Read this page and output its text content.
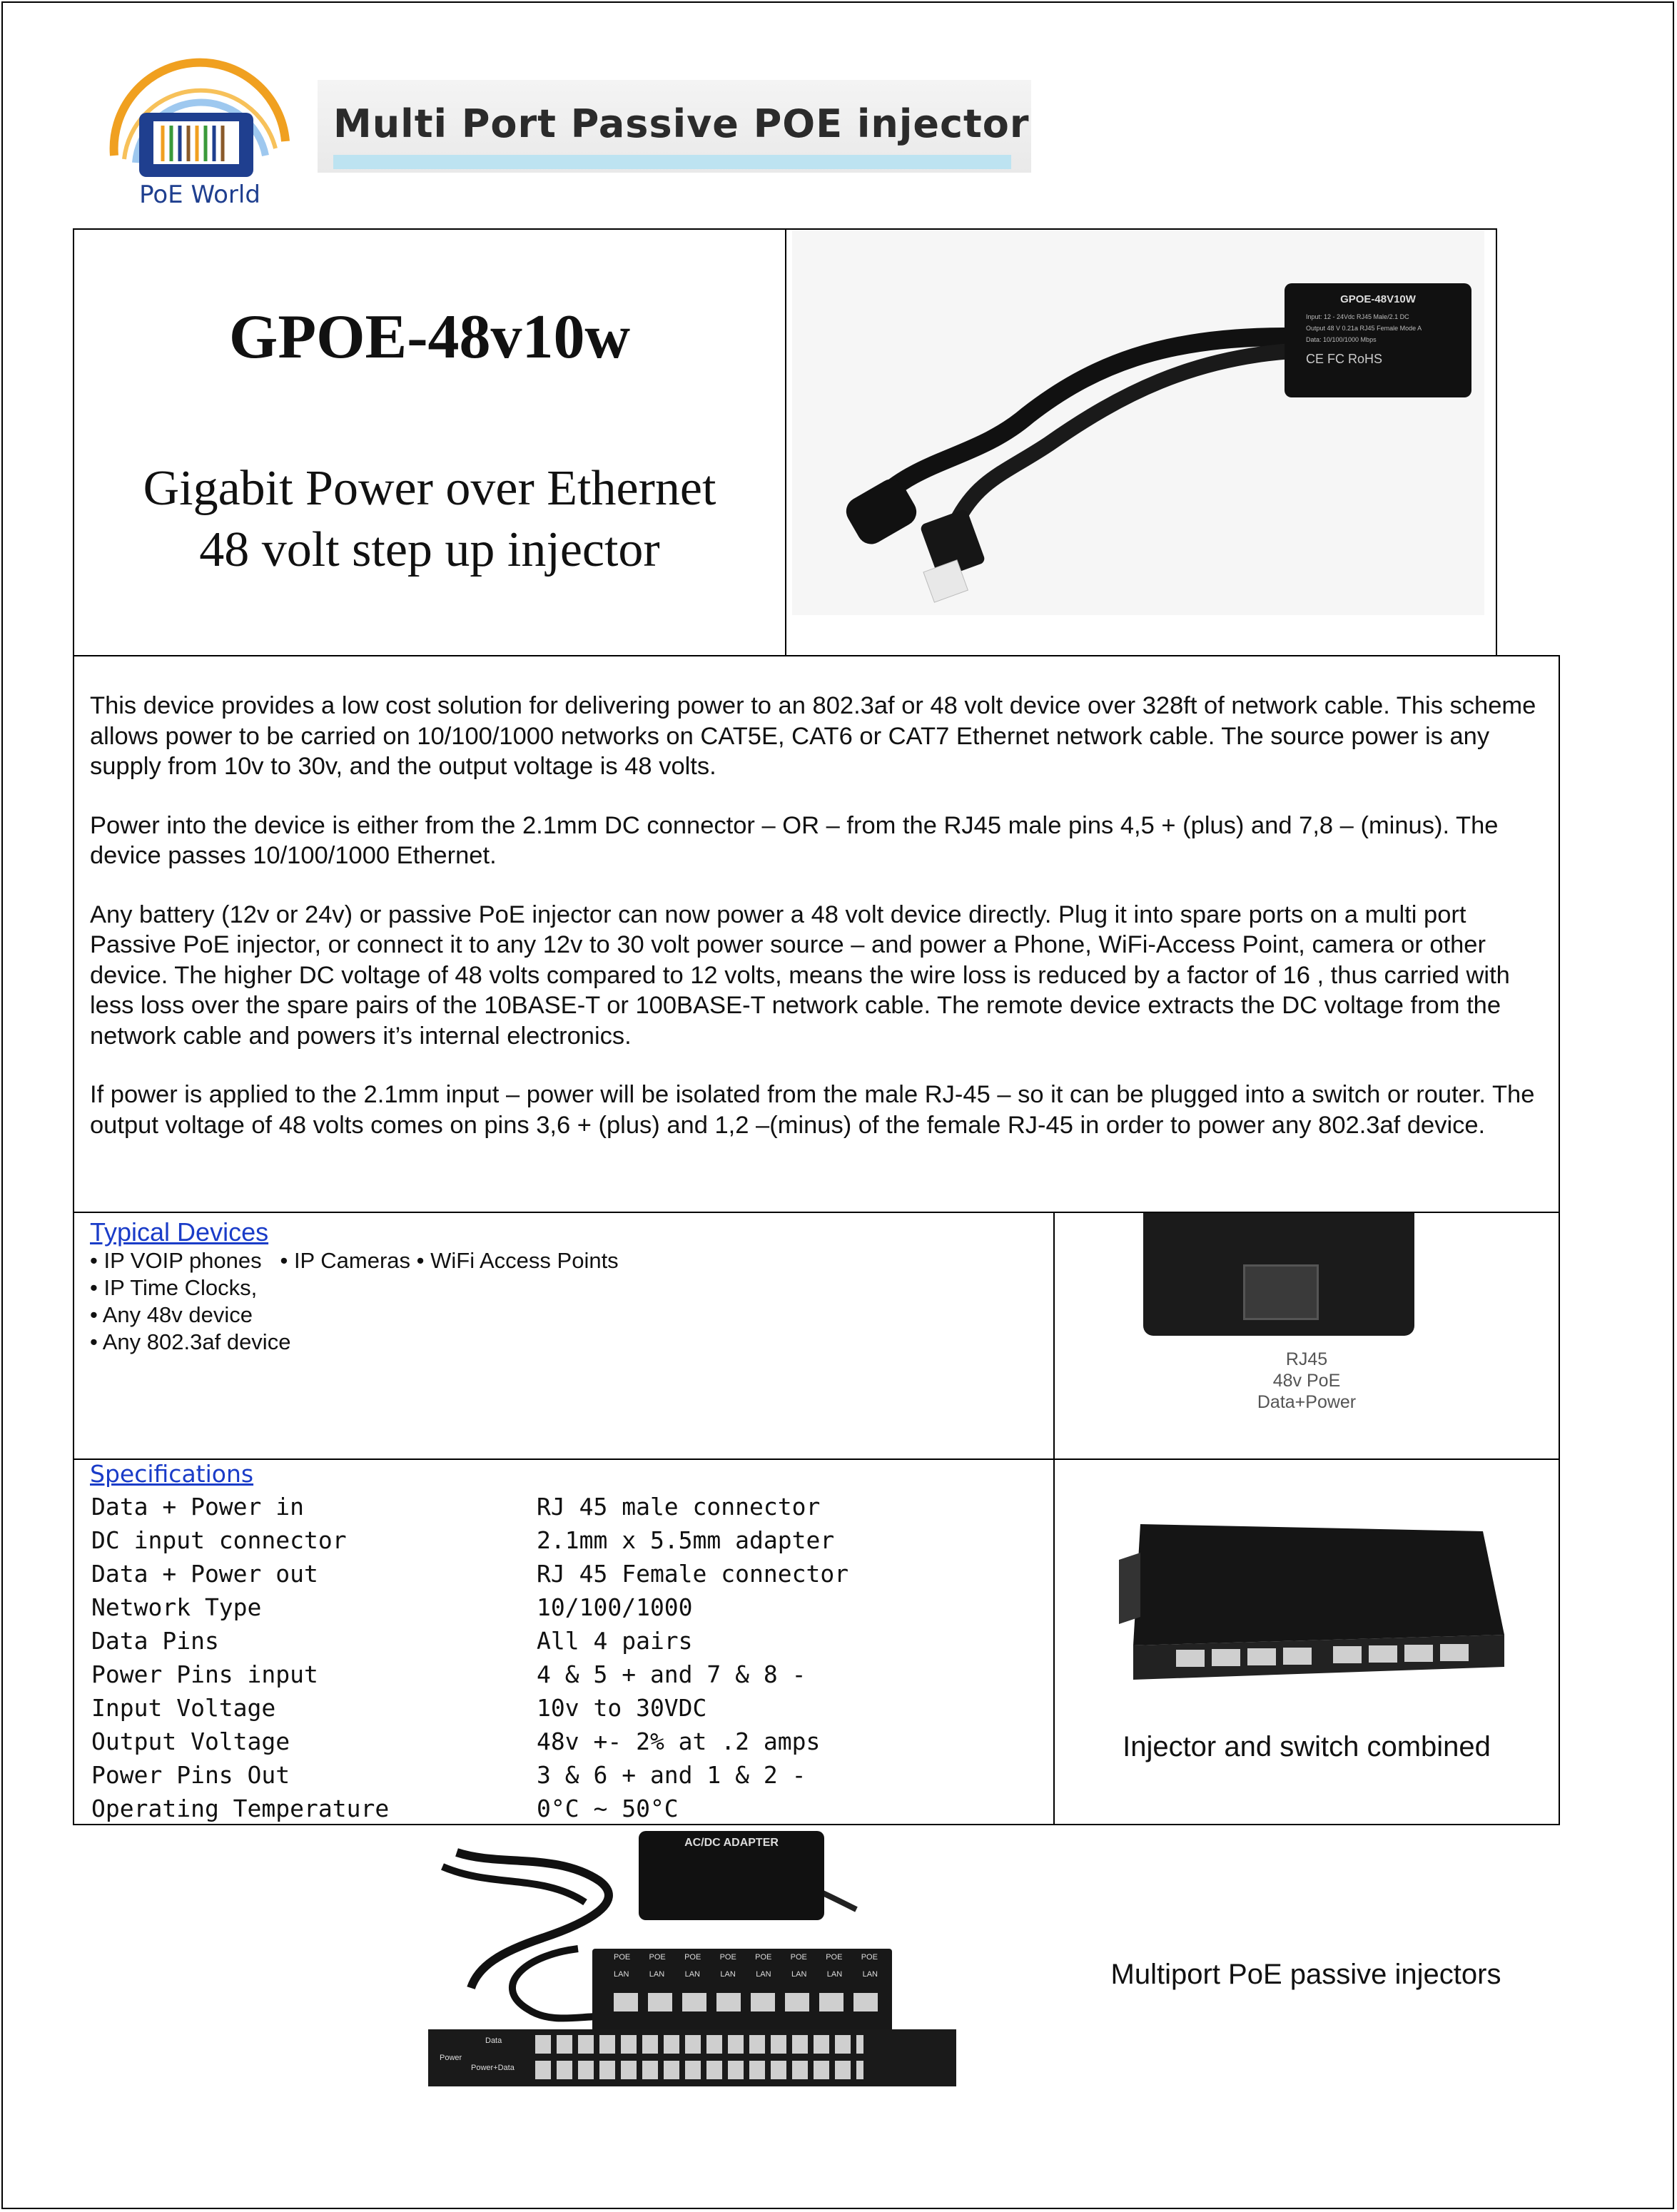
PoE World
Multi Port Passive POE injector
GPOE-48v10w
Gigabit Power over Ethernet
48 volt step up injector
GPOE-48V10W
Input: 12 - 24Vdc RJ45 Male/2.1 DC
Output 48 V 0.21a RJ45 Female Mode A
Data: 10/100/1000 Mbps
CE FC RoHS

This device provides a low cost solution for delivering power to an 802.3af or 48 volt device over 328ft of network cable. This scheme allows power to be carried on 10/100/1000 networks on CAT5E, CAT6 or CAT7 Ethernet network cable. The source power is any supply from 10v to 30v, and the output voltage is 48 volts.

Power into the device is either from the 2.1mm DC connector – OR – from the RJ45 male pins 4,5 + (plus) and 7,8 – (minus). The device passes 10/100/1000 Ethernet.

Any battery (12v or 24v) or passive PoE injector can now power a 48 volt device directly. Plug it into spare ports on a multi port Passive PoE injector, or connect it to any 12v to 30 volt power source – and power a Phone, WiFi-Access Point, camera or other device. The higher DC voltage of 48 volts compared to 12 volts, means the wire loss is reduced by a factor of 16 , thus carried with less loss over the spare pairs of the 10BASE-T or 100BASE-T network cable. The remote device extracts the DC voltage from the network cable and powers it’s internal electronics.

If power is applied to the 2.1mm input – power will be isolated from the male RJ-45 – so it can be plugged into a switch or router. The output voltage of 48 volts comes on pins 3,6 + (plus) and 1,2 –(minus) of the female RJ-45 in order to power any 802.3af device.

Typical Devices
• IP VOIP phones   • IP Cameras • WiFi Access Points
• IP Time Clocks,
• Any 48v device
• Any 802.3af device
RJ45
48v PoE
Data+Power
Specifications
Data + Power in	RJ 45 male connector
DC input connector	2.1mm x 5.5mm adapter
Data + Power out	RJ 45 Female connector
Network Type	10/100/1000
Data Pins	All 4 pairs
Power Pins input	4 & 5 + and 7 & 8 -
Input Voltage	10v to 30VDC
Output Voltage	48v +- 2% at .2 amps
Power Pins Out	3 & 6 + and 1 & 2 -
Operating Temperature	0°C ~ 50°C
Injector and switch combined
AC/DC ADAPTER
POE POE POE POE POE POE POE POE
LAN	LAN	LAN	LAN	LAN	LAN	LAN	LAN
Data
Power+Data
Power
Multiport PoE passive injectors
